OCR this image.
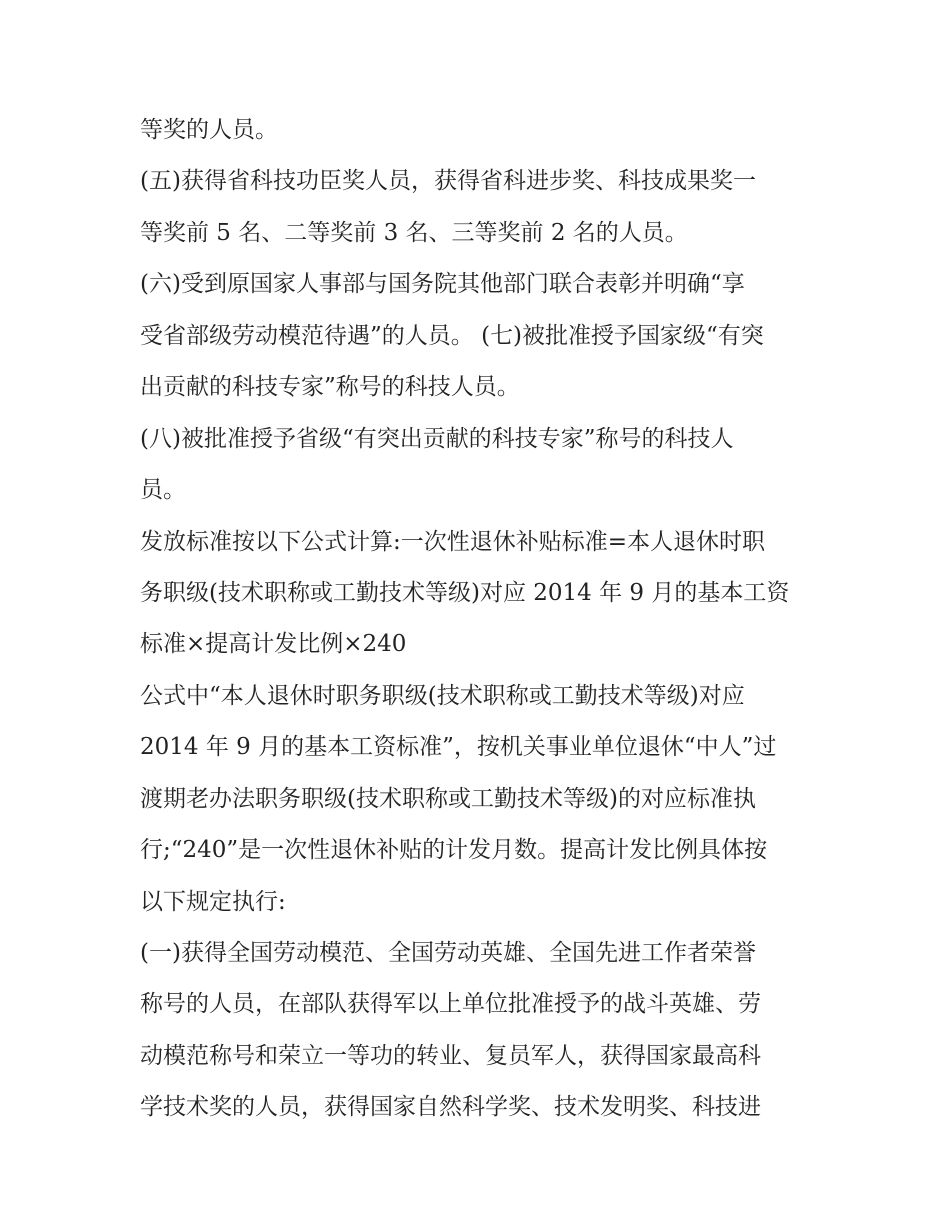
等奖的人员。
(五)获得省科技功臣奖人员，获得省科进步奖、科技成果奖一
等奖前 5 名、二等奖前 3 名、三等奖前 2 名的人员。
(六)受到原国家人事部与国务院其他部门联合表彰并明确“享
受省部级劳动模范待遇”的人员。 (七)被批准授予国家级“有突
出贡献的科技专家”称号的科技人员。
(八)被批准授予省级“有突出贡献的科技专家”称号的科技人
员。
发放标准按以下公式计算:一次性退休补贴标准=本人退休时职
务职级(技术职称或工勤技术等级)对应 2014 年 9 月的基本工资
标准×提高计发比例×240
公式中“本人退休时职务职级(技术职称或工勤技术等级)对应
2014 年 9 月的基本工资标准”，按机关事业单位退休“中人”过
渡期老办法职务职级(技术职称或工勤技术等级)的对应标准执
行;“240”是一次性退休补贴的计发月数。提高计发比例具体按
以下规定执行:
(一)获得全国劳动模范、全国劳动英雄、全国先进工作者荣誉
称号的人员，在部队获得军以上单位批准授予的战斗英雄、劳
动模范称号和荣立一等功的转业、复员军人，获得国家最高科
学技术奖的人员，获得国家自然科学奖、技术发明奖、科技进
